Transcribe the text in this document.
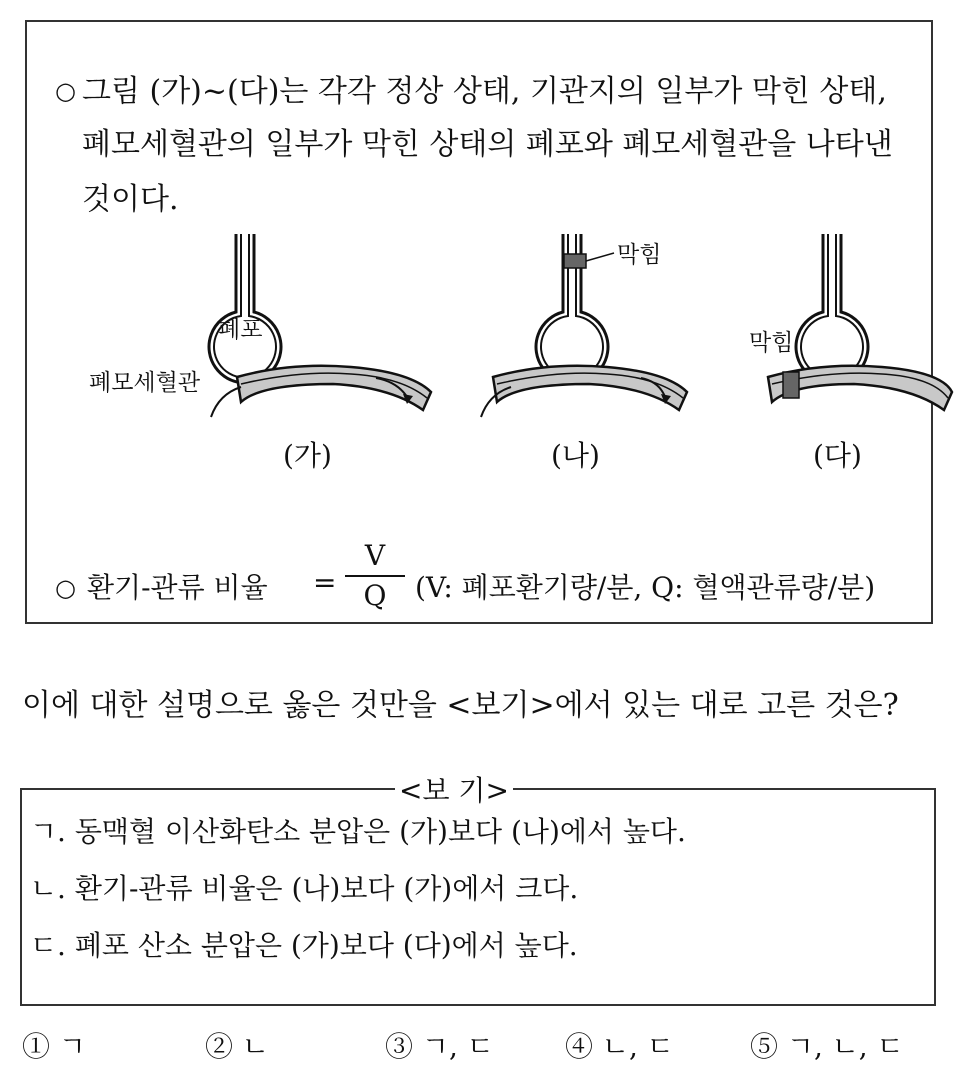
○ 그림 (가)~(다)는 각각 정상 상태, 기관지의 일부가 막힌 상태,
폐모세혈관의 일부가 막힌 상태의 폐포와 폐모세혈관을 나타낸
것이다.
폐포
폐모세혈관
(가)
막힘
(나)
막힘
(다)
○ 환기-관류 비율 =
V
Q	(V: 폐포환기량/분, Q: 혈액관류량/분)
이에 대한 설명으로 옳은 것만을 <보기>에서 있는 대로 고른 것은?
<보 기>
ㄱ. 동맥혈 이산화탄소 분압은 (가)보다 (나)에서 높다.
ㄴ. 환기-관류 비율은 (나)보다 (가)에서 크다.
ㄷ. 폐포 산소 분압은 (가)보다 (다)에서 높다.
① ㄱ	② ㄴ	③ ㄱ, ㄷ	④ ㄴ, ㄷ	⑤ ㄱ, ㄴ, ㄷ
